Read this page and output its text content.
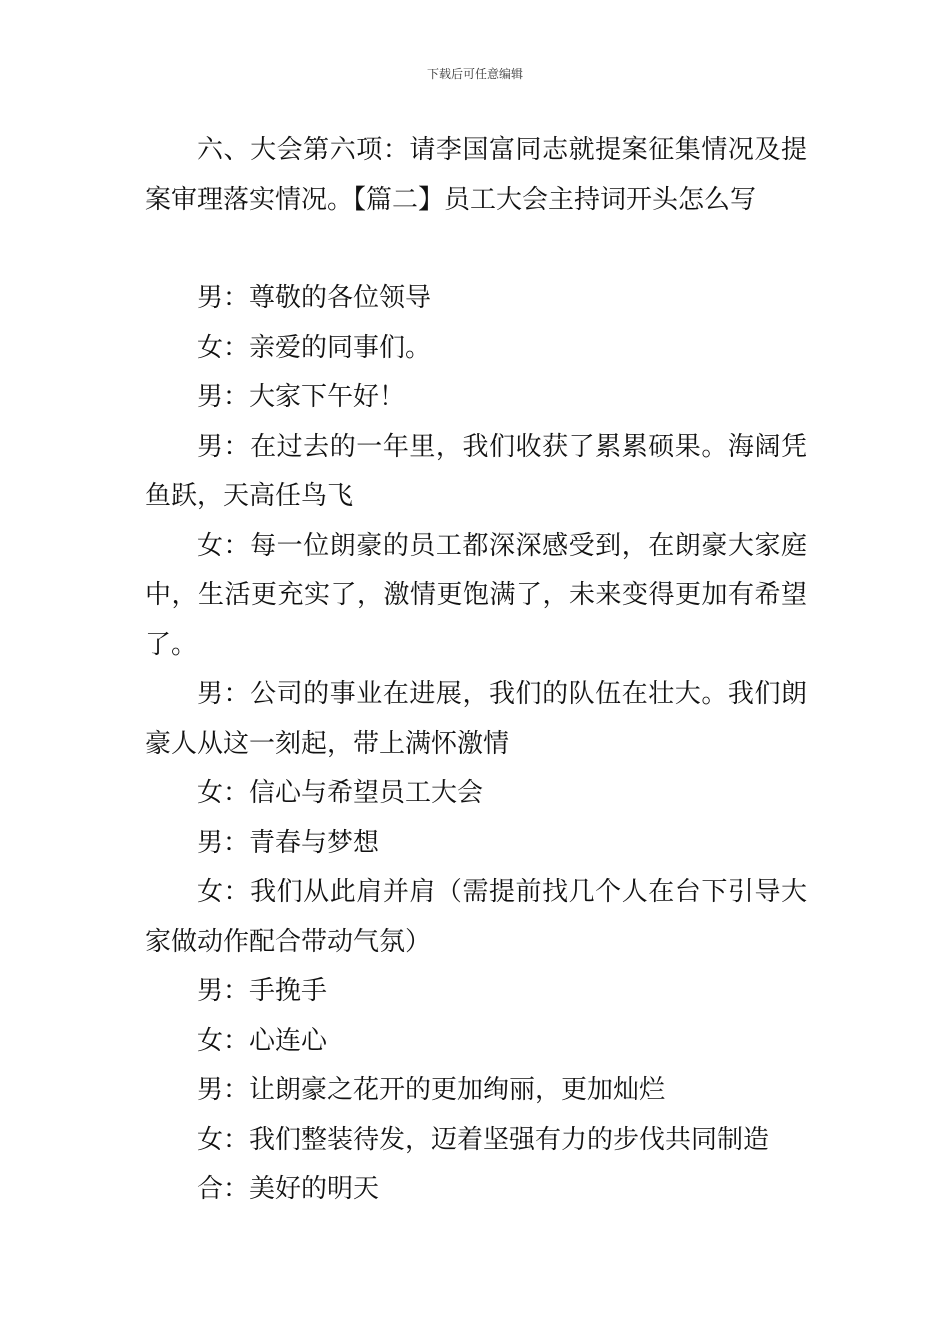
下载后可任意编辑

六、大会第六项：请李国富同志就提案征集情况及提案审理落实情况。【篇二】员工大会主持词开头怎么写

男：尊敬的各位领导

女：亲爱的同事们。

男：大家下午好！

男：在过去的一年里，我们收获了累累硕果。海阔凭鱼跃，天高任鸟飞

女：每一位朗豪的员工都深深感受到，在朗豪大家庭中，生活更充实了，激情更饱满了，未来变得更加有希望了。

男：公司的事业在进展，我们的队伍在壮大。我们朗豪人从这一刻起，带上满怀激情

女：信心与希望员工大会

男：青春与梦想

女：我们从此肩并肩（需提前找几个人在台下引导大家做动作配合带动气氛）

男：手挽手

女：心连心

男：让朗豪之花开的更加绚丽，更加灿烂

女：我们整装待发，迈着坚强有力的步伐共同制造

合：美好的明天
